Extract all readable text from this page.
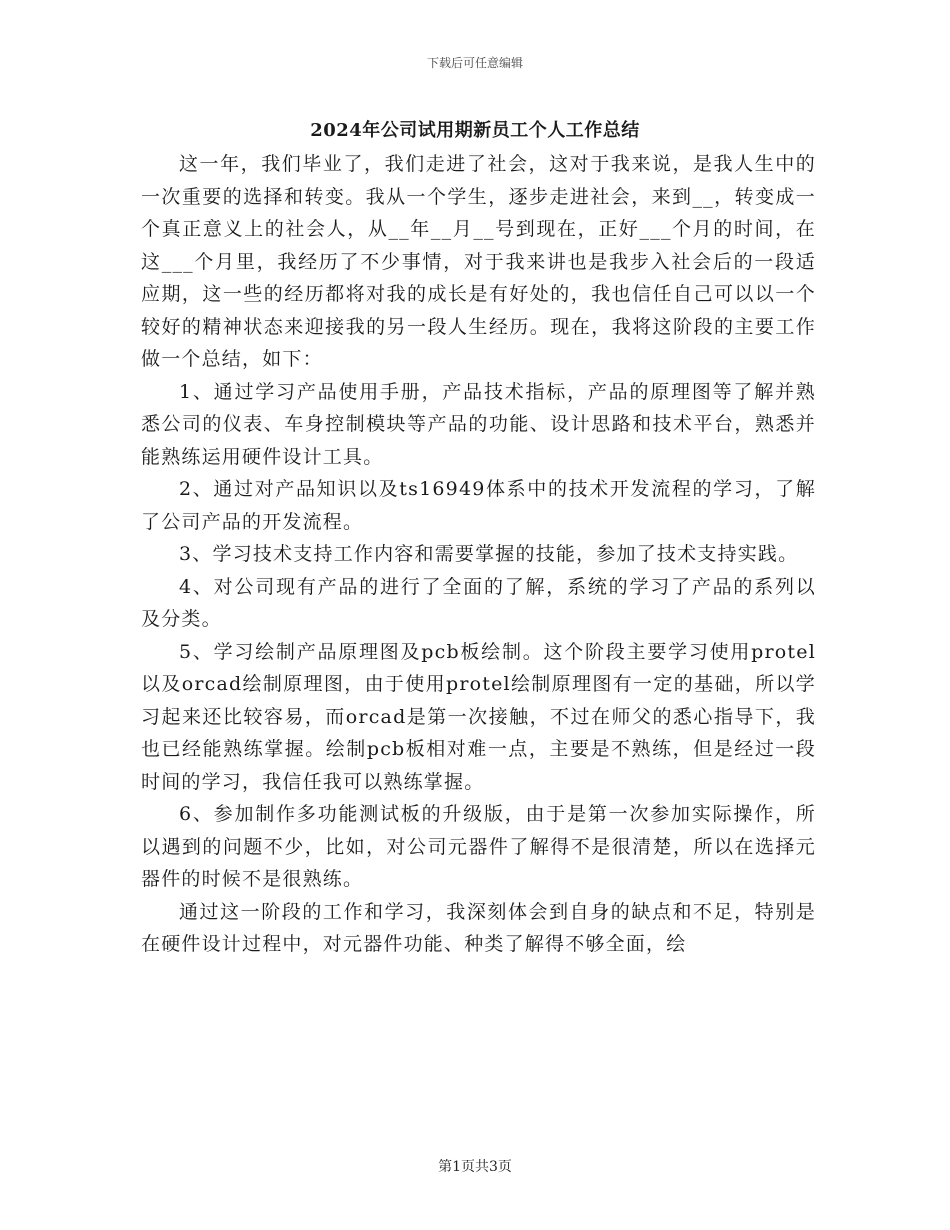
下载后可任意编辑
2024年公司试用期新员工个人工作总结

这一年，我们毕业了，我们走进了社会，这对于我来说，是我人生中的一次重要的选择和转变。我从一个学生，逐步走进社会，来到__，转变成一个真正意义上的社会人，从__年__月__号到现在，正好___个月的时间，在这___个月里，我经历了不少事情，对于我来讲也是我步入社会后的一段适应期，这一些的经历都将对我的成长是有好处的，我也信任自己可以以一个较好的精神状态来迎接我的另一段人生经历。现在，我将这阶段的主要工作做一个总结，如下：

1、通过学习产品使用手册，产品技术指标，产品的原理图等了解并熟悉公司的仪表、车身控制模块等产品的功能、设计思路和技术平台，熟悉并能熟练运用硬件设计工具。

2、通过对产品知识以及ts16949体系中的技术开发流程的学习，了解了公司产品的开发流程。

3、学习技术支持工作内容和需要掌握的技能，参加了技术支持实践。

4、对公司现有产品的进行了全面的了解，系统的学习了产品的系列以及分类。

5、学习绘制产品原理图及pcb板绘制。这个阶段主要学习使用protel以及orcad绘制原理图，由于使用protel绘制原理图有一定的基础，所以学习起来还比较容易，而orcad是第一次接触，不过在师父的悉心指导下，我也已经能熟练掌握。绘制pcb板相对难一点，主要是不熟练，但是经过一段时间的学习，我信任我可以熟练掌握。

6、参加制作多功能测试板的升级版，由于是第一次参加实际操作，所以遇到的问题不少，比如，对公司元器件了解得不是很清楚，所以在选择元器件的时候不是很熟练。

通过这一阶段的工作和学习，我深刻体会到自身的缺点和不足，特别是在硬件设计过程中，对元器件功能、种类了解得不够全面，绘

第1页共3页
